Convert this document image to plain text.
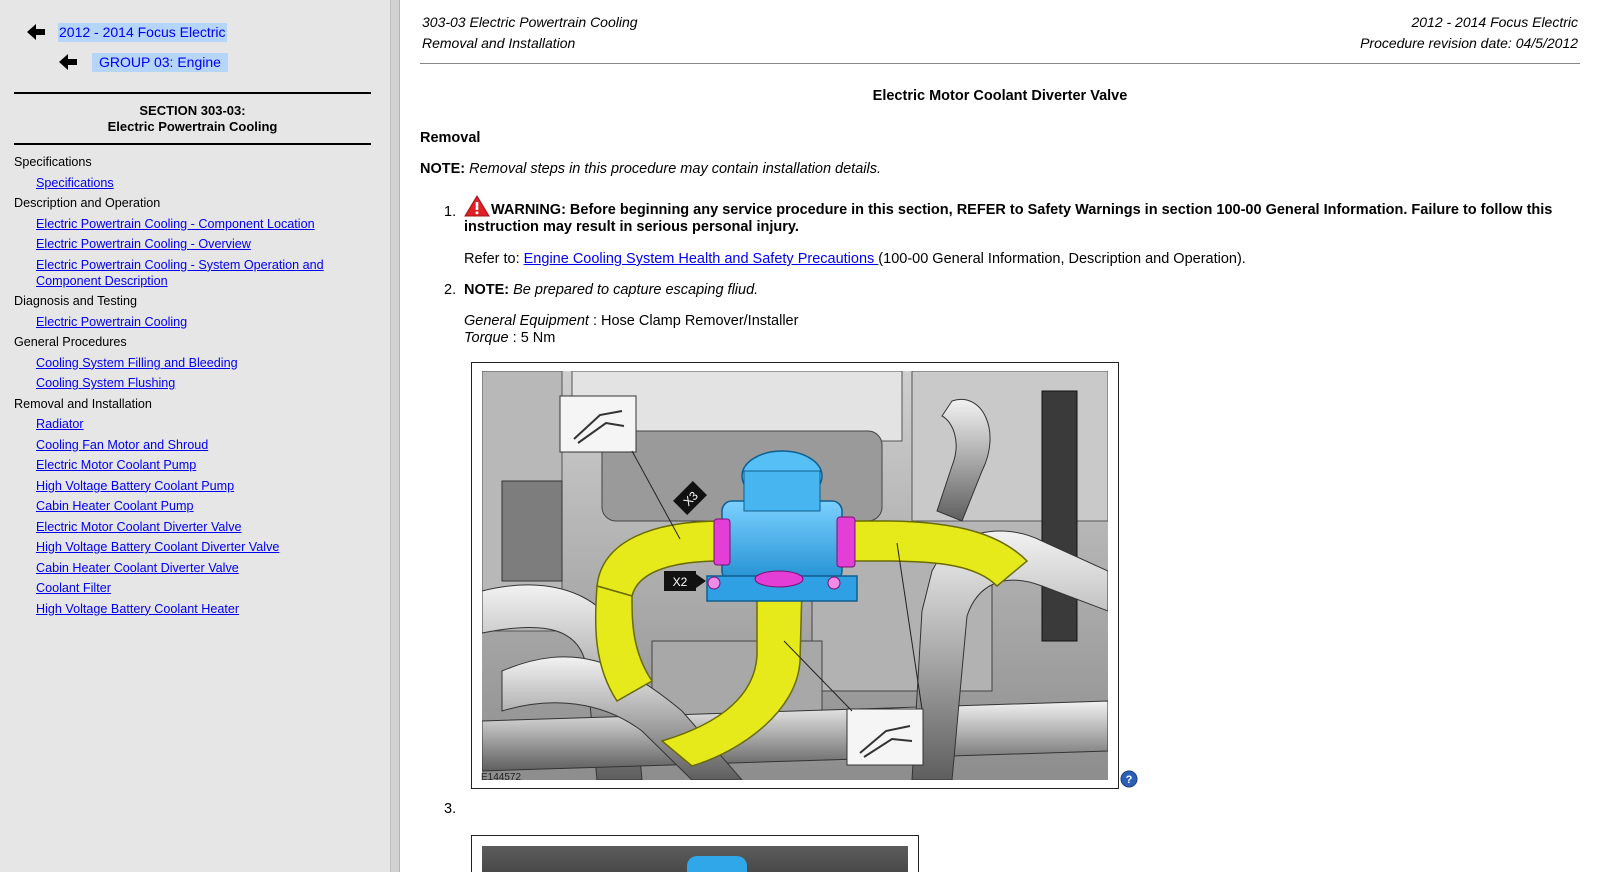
2012 - 2014 Focus Electric
GROUP 03: Engine
SECTION 303-03:
Electric Powertrain Cooling
Specifications
Specifications
Description and Operation
Electric Powertrain Cooling - Component Location
Electric Powertrain Cooling - Overview
Electric Powertrain Cooling - System Operation and Component Description
Diagnosis and Testing
Electric Powertrain Cooling
General Procedures
Cooling System Filling and Bleeding
Cooling System Flushing
Removal and Installation
Radiator
Cooling Fan Motor and Shroud
Electric Motor Coolant Pump
High Voltage Battery Coolant Pump
Cabin Heater Coolant Pump
Electric Motor Coolant Diverter Valve
High Voltage Battery Coolant Diverter Valve
Cabin Heater Coolant Diverter Valve
Coolant Filter
High Voltage Battery Coolant Heater
303-03 Electric Powertrain Cooling
Removal and Installation
2012 - 2014 Focus Electric
Procedure revision date: 04/5/2012
Electric Motor Coolant Diverter Valve
Removal
NOTE: Removal steps in this procedure may contain installation details.
1.	WARNING: Before beginning any service procedure in this section, REFER to Safety Warnings in section 100-00 General Information. Failure to follow this instruction may result in serious personal injury.
Refer to: Engine Cooling System Health and Safety Precautions (100-00 General Information, Description and Operation).
2. NOTE: Be prepared to capture escaping fliud.
General Equipment : Hose Clamp Remover/Installer
Torque : 5 Nm
X3
X2
E144572	?
3.
